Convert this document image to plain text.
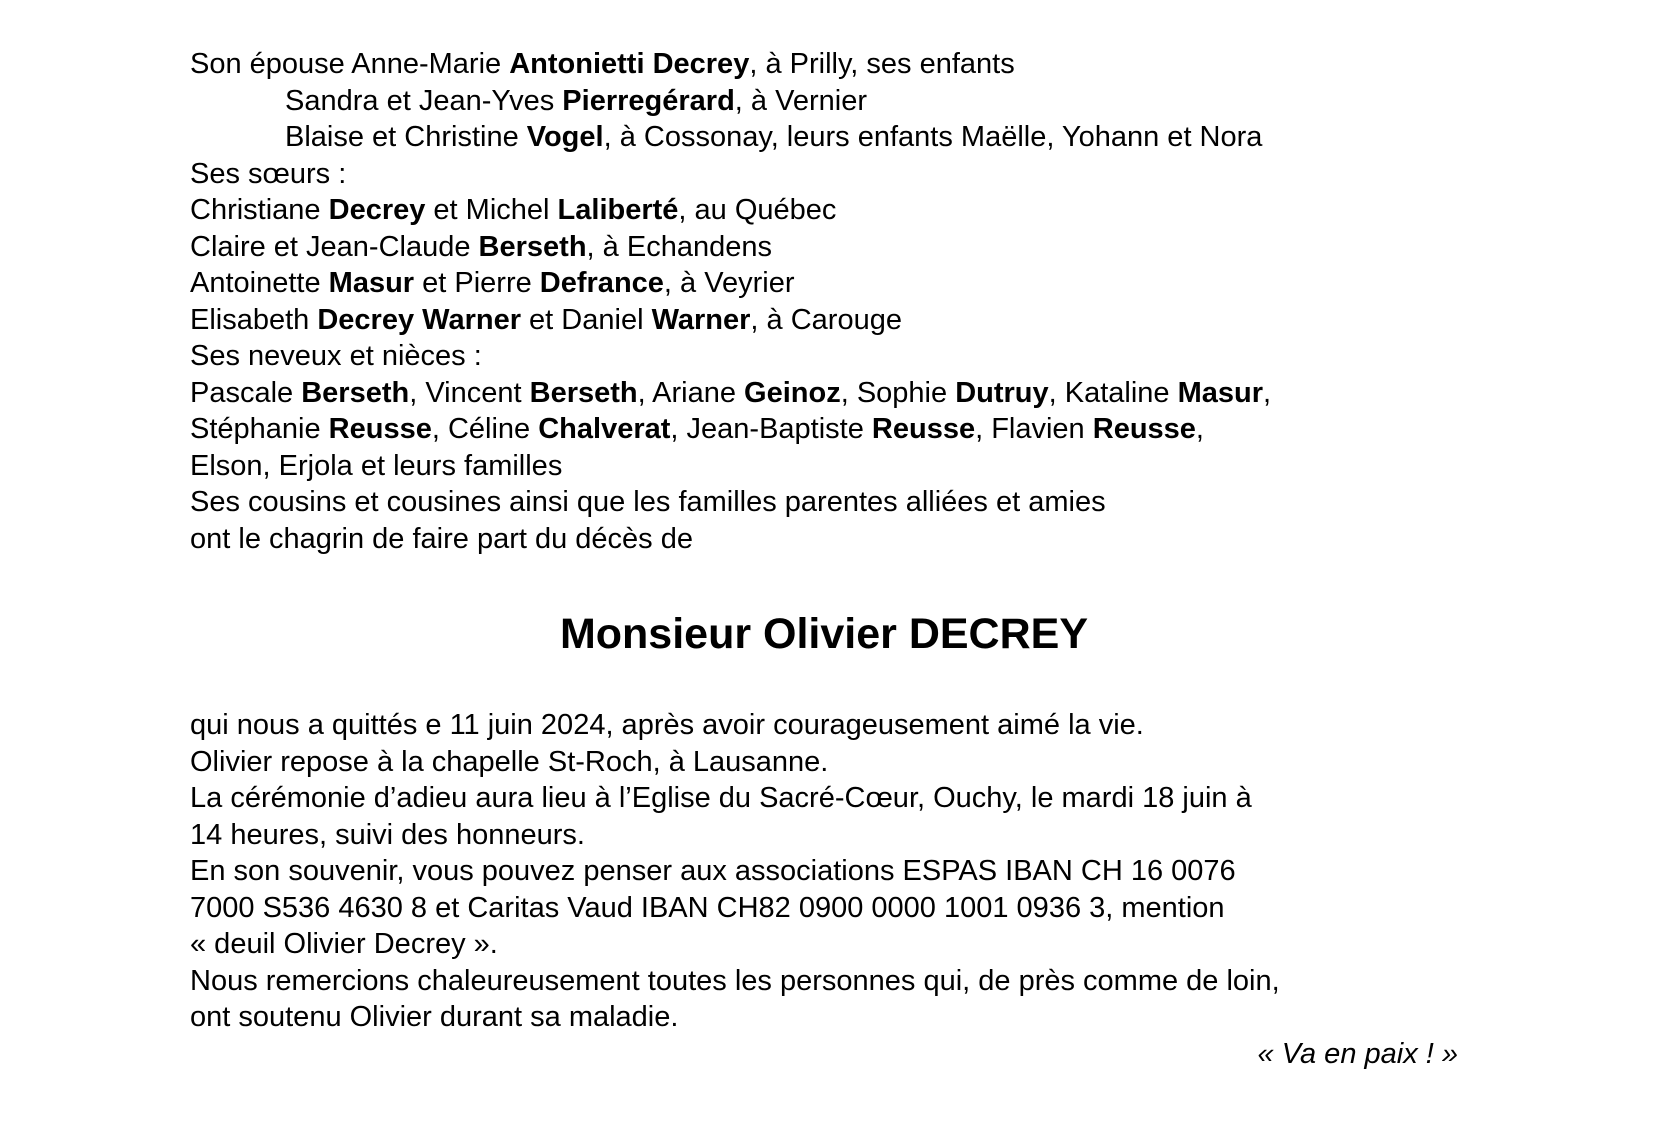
Son épouse Anne-Marie Antonietti Decrey, à Prilly, ses enfants
Sandra et Jean-Yves Pierregérard, à Vernier
Blaise et Christine Vogel, à Cossonay, leurs enfants Maëlle, Yohann et Nora
Ses sœurs :
Christiane Decrey et Michel Laliberté, au Québec
Claire et Jean-Claude Berseth, à Echandens
Antoinette Masur et Pierre Defrance, à Veyrier
Elisabeth Decrey Warner et Daniel Warner, à Carouge
Ses neveux et nièces :
Pascale Berseth, Vincent Berseth, Ariane Geinoz, Sophie Dutruy, Kataline Masur,
Stéphanie Reusse, Céline Chalverat, Jean-Baptiste Reusse, Flavien Reusse,
Elson, Erjola et leurs familles
Ses cousins et cousines ainsi que les familles parentes alliées et amies
ont le chagrin de faire part du décès de
Monsieur Olivier DECREY
qui nous a quittés e 11 juin 2024, après avoir courageusement aimé la vie.
Olivier repose à la chapelle St-Roch, à Lausanne.
La cérémonie d’adieu aura lieu à l’Eglise du Sacré-Cœur, Ouchy, le mardi 18 juin à
14 heures, suivi des honneurs.
En son souvenir, vous pouvez penser aux associations ESPAS IBAN CH 16 0076
7000 S536 4630 8 et Caritas Vaud IBAN CH82 0900 0000 1001 0936 3, mention
« deuil Olivier Decrey ».
Nous remercions chaleureusement toutes les personnes qui, de près comme de loin,
ont soutenu Olivier durant sa maladie.
« Va en paix ! »
